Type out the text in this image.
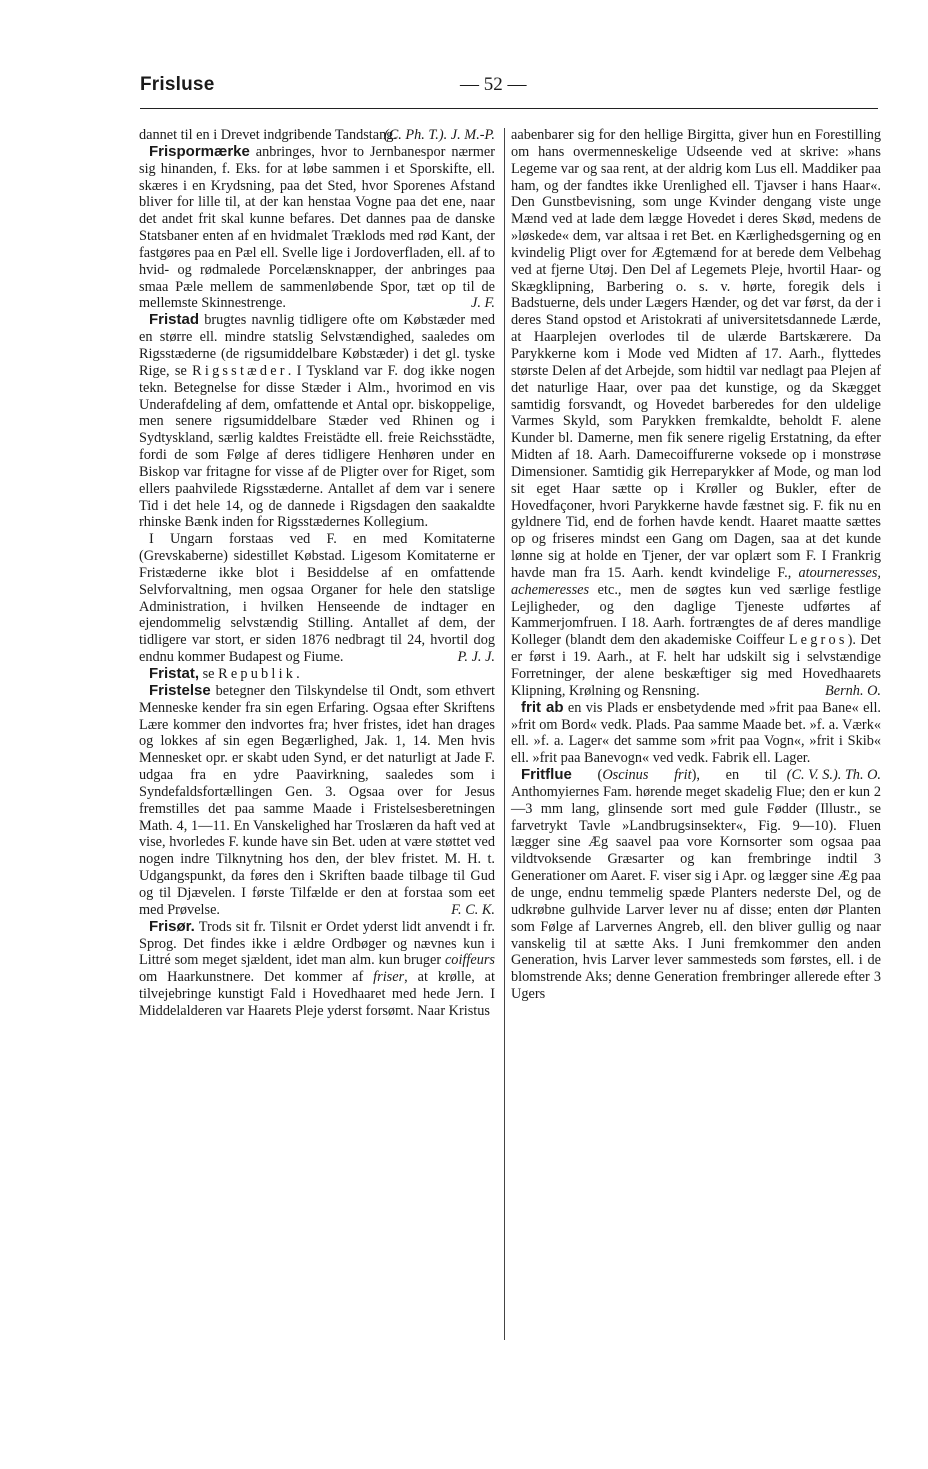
Frisluse	— 52 —

dannet til en i Drevet indgribende Tandstang.

(C. Ph. T.). J. M.-P.

Frispormærke anbringes, hvor to Jernbanespor nærmer sig hinanden, f. Eks. for at løbe sammen i et Sporskifte, ell. skæres i en Krydsning, paa det Sted, hvor Sporenes Afstand bliver for lille til, at der kan henstaa Vogne paa det ene, naar det andet frit skal kunne befares. Det dannes paa de danske Statsbaner enten af en hvidmalet Træklods med rød Kant, der fastgøres paa en Pæl ell. Svelle lige i Jordoverfladen, ell. af to hvid- og rødmalede Porcelænsknapper, der anbringes paa smaa Pæle mellem de sammenløbende Spor, tæt op til de mellemste Skinnestrenge.	J. F.

Fristad brugtes navnlig tidligere ofte om Købstæder med en større ell. mindre statslig Selvstændighed, saaledes om Rigsstæderne (de rigsumiddelbare Købstæder) i det gl. tyske Rige, se Rigsstæder. I Tyskland var F. dog ikke nogen tekn. Betegnelse for disse Stæder i Alm., hvorimod en vis Underafdeling af dem, omfattende et Antal opr. biskoppelige, men senere rigsumiddelbare Stæder ved Rhinen og i Sydtyskland, særlig kaldtes Freistädte ell. freie Reichsstädte, fordi de som Følge af deres tidligere Henhøren under en Biskop var fritagne for visse af de Pligter over for Riget, som ellers paahvilede Rigsstæderne. Antallet af dem var i senere Tid i det hele 14, og de dannede i Rigsdagen den saakaldte rhinske Bænk inden for Rigsstædernes Kollegium.

I Ungarn forstaas ved F. en med Komitaterne (Grevskaberne) sidestillet Købstad. Ligesom Komitaterne er Fristæderne ikke blot i Besiddelse af en omfattende Selvforvaltning, men ogsaa Organer for hele den statslige Administration, i hvilken Henseende de indtager en ejendommelig selvstændig Stilling. Antallet af dem, der tidligere var stort, er siden 1876 nedbragt til 24, hvortil dog endnu kommer Budapest og Fiume.	P. J. J.

Fristat, se Republik.

Fristelse betegner den Tilskyndelse til Ondt, som ethvert Menneske kender fra sin egen Erfaring. Ogsaa efter Skriftens Lære kommer den indvortes fra; hver fristes, idet han drages og lokkes af sin egen Begærlighed, Jak. 1, 14. Men hvis Mennesket opr. er skabt uden Synd, er det naturligt at Jade F. udgaa fra en ydre Paavirkning, saaledes som i Syndefaldsfortællingen Gen. 3. Ogsaa over for Jesus fremstilles det paa samme Maade i Fristelsesberetningen Math. 4, 1—11. En Vanskelighed har Troslæren da haft ved at vise, hvorledes F. kunde have sin Bet. uden at være støttet ved nogen indre Tilknytning hos den, der blev fristet. M. H. t. Udgangspunkt, da føres den i Skriften baade tilbage til Gud og til Djævelen. I første Tilfælde er den at forstaa som eet med Prøvelse.	F. C. K.

Frisør. Trods sit fr. Tilsnit er Ordet yderst lidt anvendt i fr. Sprog. Det findes ikke i ældre Ordbøger og nævnes kun i Littré som meget sjældent, idet man alm. kun bruger coiffeurs om Haarkunstnere. Det kommer af friser, at krølle, at tilvejebringe kunstigt Fald i Hovedhaaret med hede Jern. I Middelalderen var Haarets Pleje yderst forsømt. Naar Kristus

aabenbarer sig for den hellige Birgitta, giver hun en Forestilling om hans overmenneskelige Udseende ved at skrive: »hans Legeme var og saa rent, at der aldrig kom Lus ell. Maddiker paa ham, og der fandtes ikke Urenlighed ell. Tjavser i hans Haar«. Den Gunstbevisning, som unge Kvinder dengang viste unge Mænd ved at lade dem lægge Hovedet i deres Skød, medens de »løskede« dem, var altsaa i ret Bet. en Kærlighedsgerning og en kvindelig Pligt over for Ægtemænd for at berede dem Velbehag ved at fjerne Utøj. Den Del af Legemets Pleje, hvortil Haar- og Skægklipning, Barbering o. s. v. hørte, foregik dels i Badstuerne, dels under Lægers Hænder, og det var først, da der i deres Stand opstod et Aristokrati af universitetsdannede Lærde, at Haarplejen overlodes til de ulærde Bartskærere. Da Parykkerne kom i Mode ved Midten af 17. Aarh., flyttedes største Delen af det Arbejde, som hidtil var nedlagt paa Plejen af det naturlige Haar, over paa det kunstige, og da Skægget samtidig forsvandt, og Hovedet barberedes for den uldelige Varmes Skyld, som Parykken fremkaldte, beholdt F. alene Kunder bl. Damerne, men fik senere rigelig Erstatning, da efter Midten af 18. Aarh. Damecoiffurerne voksede op i monstrøse Dimensioner. Samtidig gik Herreparykker af Mode, og man lod sit eget Haar sætte op i Krøller og Bukler, efter de Hovedfaçoner, hvori Parykkerne havde fæstnet sig. F. fik nu en gyldnere Tid, end de forhen havde kendt. Haaret maatte sættes op og friseres mindst een Gang om Dagen, saa at det kunde lønne sig at holde en Tjener, der var oplært som F. I Frankrig havde man fra 15. Aarh. kendt kvindelige F., atourneresses, achemeresses etc., men de søgtes kun ved særlige festlige Lejligheder, og den daglige Tjeneste udførtes af Kammerjomfruen. I 18. Aarh. fortrængtes de af deres mandlige Kolleger (blandt dem den akademiske Coiffeur Legros). Det er først i 19. Aarh., at F. helt har udskilt sig i selvstændige Forretninger, der alene beskæftiger sig med Hovedhaarets Klipning, Krølning og Rensning.	Bernh. O.

frit ab en vis Plads er ensbetydende med »frit paa Bane« ell. »frit om Bord« vedk. Plads. Paa samme Maade bet. »f. a. Værk« ell. »f. a. Lager« det samme som »frit paa Vogn«, »frit i Skib« ell. »frit paa Banevogn« ved vedk. Fabrik ell. Lager.
(C. V. S.). Th. O.

Fritflue (Oscinus frit), en til Anthomyiernes Fam. hørende meget skadelig Flue; den er kun 2—3 mm lang, glinsende sort med gule Fødder (Illustr., se farvetrykt Tavle »Landbrugsinsekter«, Fig. 9—10). Fluen lægger sine Æg saavel paa vore Kornsorter som ogsaa paa vildtvoksende Græsarter og kan frembringe indtil 3 Generationer om Aaret. F. viser sig i Apr. og lægger sine Æg paa de unge, endnu temmelig spæde Planters nederste Del, og de udkrøbne gulhvide Larver lever nu af disse; enten dør Planten som Følge af Larvernes Angreb, ell. den bliver gullig og naar vanskelig til at sætte Aks. I Juni fremkommer den anden Generation, hvis Larver lever sammesteds som førstes, ell. i de blomstrende Aks; denne Generation frembringer allerede efter 3 Ugers
